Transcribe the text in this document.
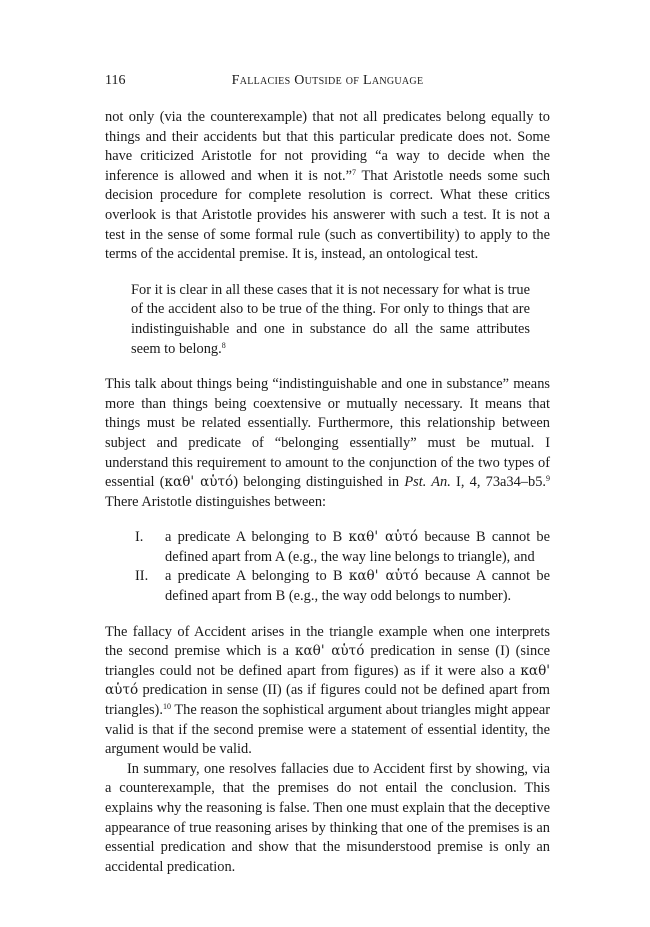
116	Fallacies Outside of Language

not only (via the counterexample) that not all predicates belong equally to things and their accidents but that this particular predicate does not. Some have criticized Aristotle for not providing “a way to decide when the inference is allowed and when it is not.”$^7$ That Aristotle needs some such decision procedure for complete resolution is correct. What these critics overlook is that Aristotle provides his answerer with such a test. It is not a test in the sense of some formal rule (such as convertibility) to apply to the terms of the accidental premise. It is, instead, an ontological test.

For it is clear in all these cases that it is not necessary for what is true of the accident also to be true of the thing. For only to things that are indistinguishable and one in substance do all the same attributes seem to belong.$^8$

This talk about things being “indistinguishable and one in substance” means more than things being coextensive or mutually necessary. It means that things must be related essentially. Furthermore, this relationship between subject and predicate of “belonging essentially” must be mutual. I understand this requirement to amount to the conjunction of the two types of essential (καθ' αὑτό) belonging distinguished in Pst. An. I, 4, 73a34–b5.$^9$ There Aristotle distinguishes between:

I. a predicate A belonging to B καθ' αὑτό because B cannot be defined apart from A (e.g., the way line belongs to triangle), and
II. a predicate A belonging to B καθ' αὑτό because A cannot be defined apart from B (e.g., the way odd belongs to number).

The fallacy of Accident arises in the triangle example when one interprets the second premise which is a καθ' αὑτό predication in sense (I) (since triangles could not be defined apart from figures) as if it were also a καθ' αὑτό predication in sense (II) (as if figures could not be defined apart from triangles).$^{10}$ The reason the sophistical argument about triangles might appear valid is that if the second premise were a statement of essential identity, the argument would be valid.

In summary, one resolves fallacies due to Accident first by showing, via a counterexample, that the premises do not entail the conclusion. This explains why the reasoning is false. Then one must explain that the deceptive appearance of true reasoning arises by thinking that one of the premises is an essential predication and show that the misunderstood premise is only an accidental predication.
